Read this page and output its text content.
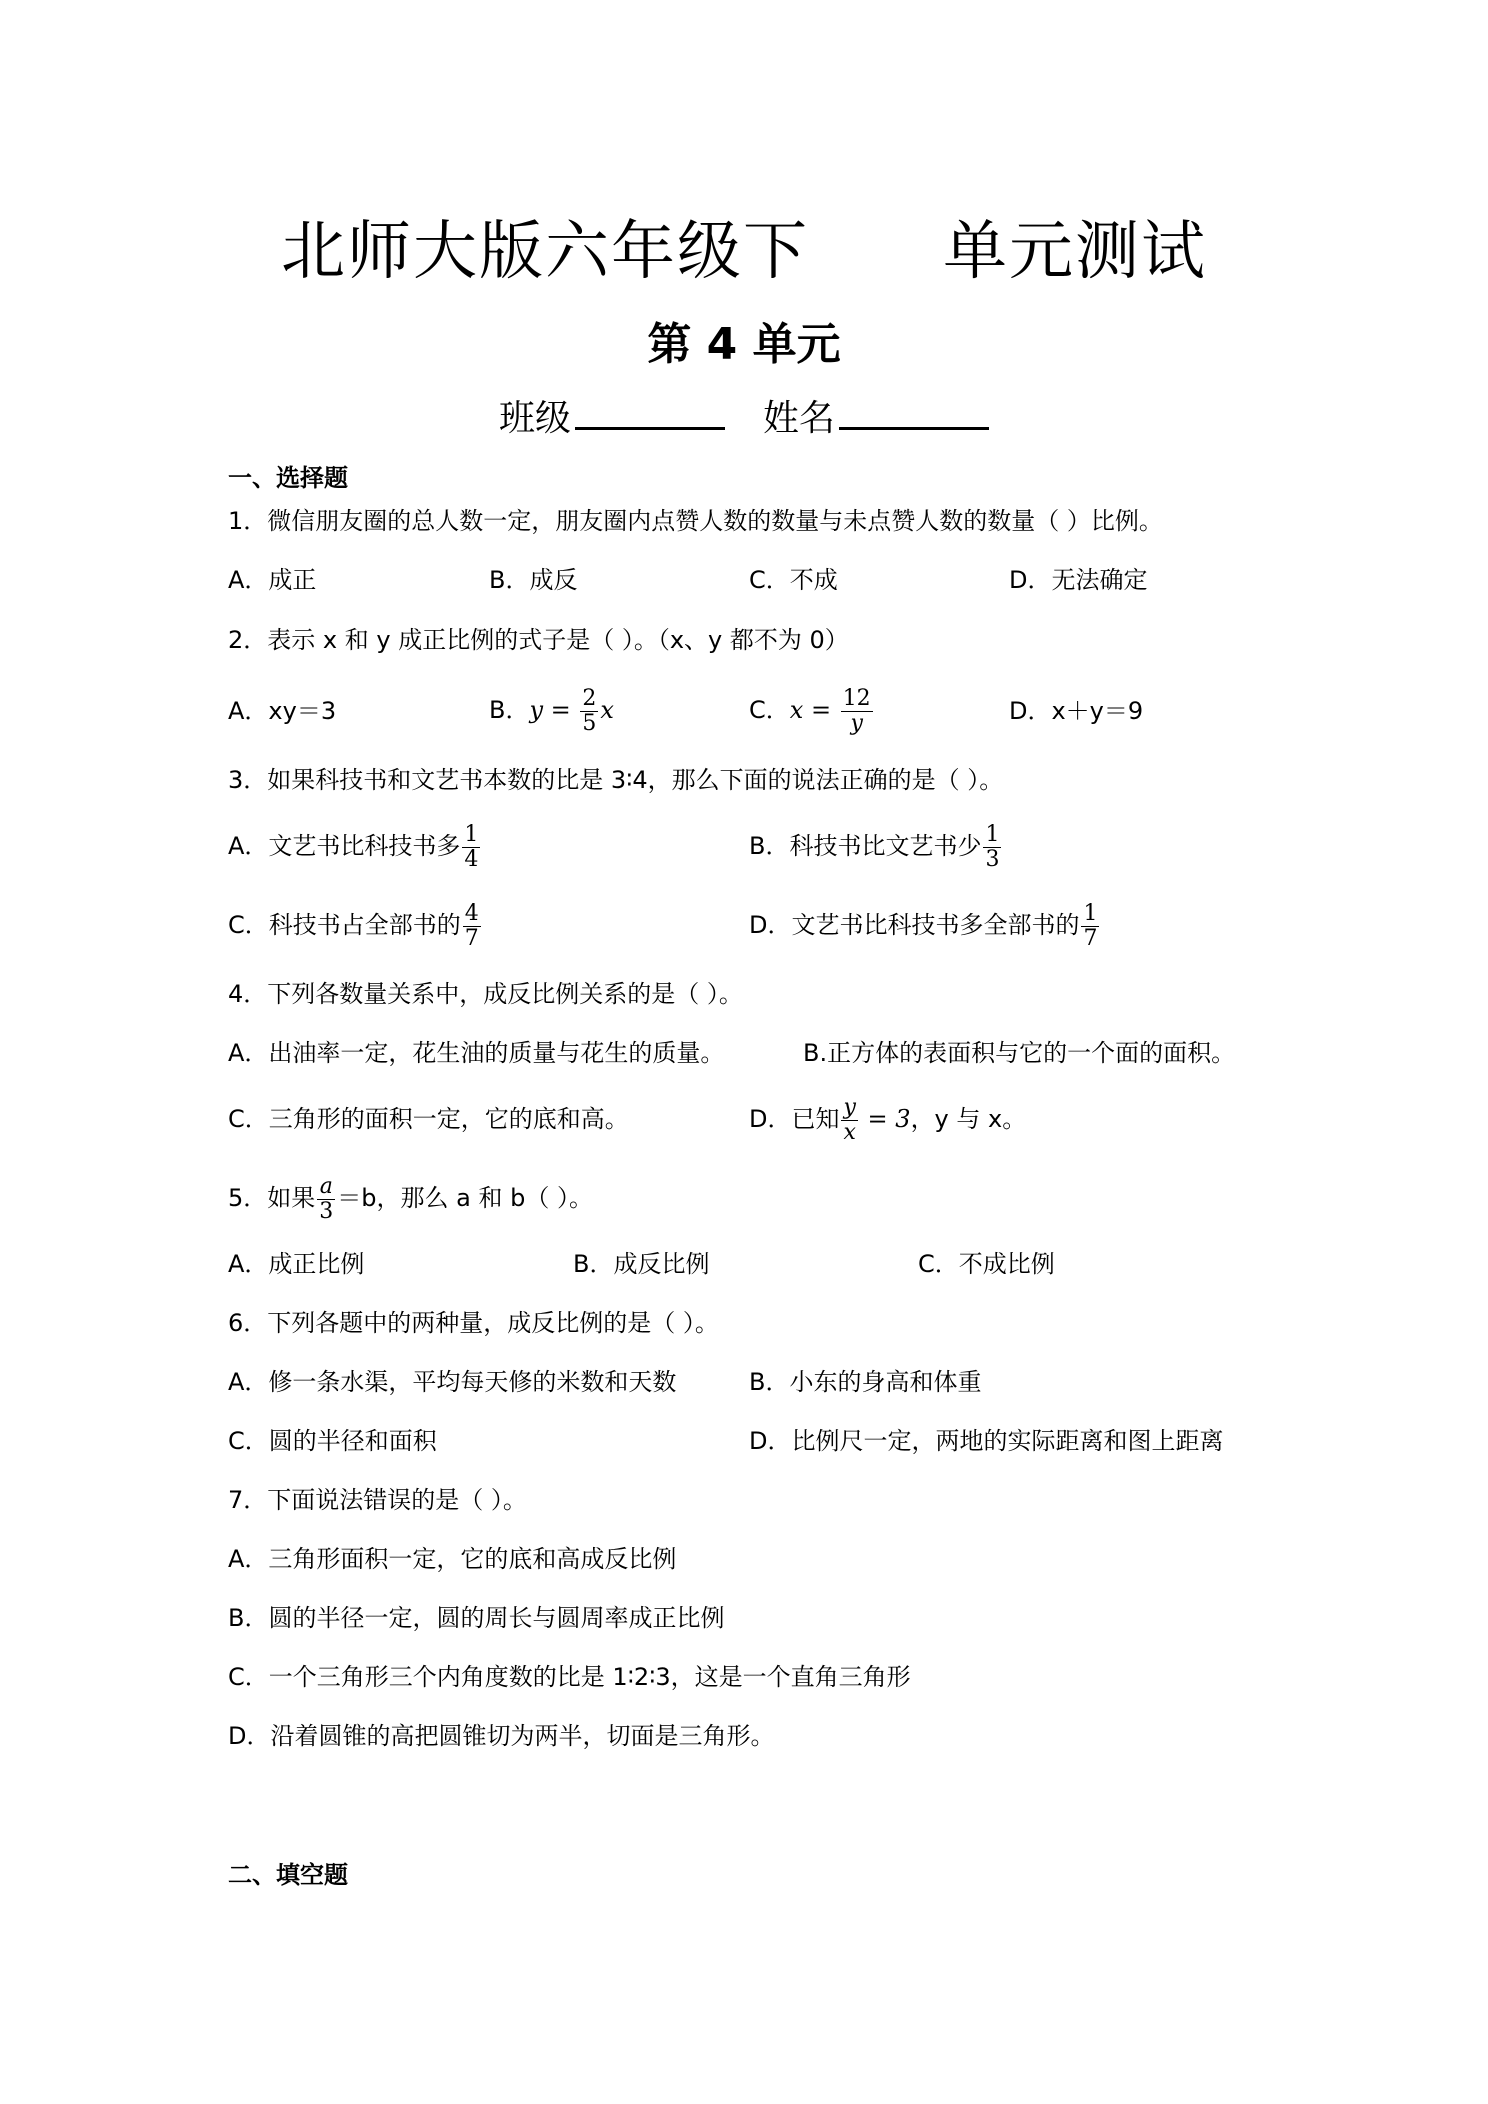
北师大版六年级下      单元测试
第 4 单元
班级	姓名
一、选择题
1．微信朋友圈的总人数一定，朋友圈内点赞人数的数量与未点赞人数的数量（ ）比例。
A．成正	B．成反	C．不成	D．无法确定
2．表示 x 和 y 成正比例的式子是（ ）。（x、y 都不为 0）
A．xy＝3	B．$y = \frac{2}{5}$ x	C．$x = \frac{12}{y}$	D．x＋y＝9
3．如果科技书和文艺书本数的比是 3∶4，那么下面的说法正确的是（ ）。
A．文艺书比科技书多 $\frac{1}{4}$	B．科技书比文艺书少 $\frac{1}{3}$
C．科技书占全部书的 $\frac{4}{7}$	D．文艺书比科技书多全部书的 $\frac{1}{7}$
4．下列各数量关系中，成反比例关系的是（ ）。
A．出油率一定，花生油的质量与花生的质量。	B.正方体的表面积与它的一个面的面积。
C．三角形的面积一定，它的底和高。	D．已知 $\frac{y}{x} = 3$，y 与 x。
5．如果 $\frac{a}{3} =b$，那么 a 和 b（ ）。
A．成正比例	B．成反比例	C．不成比例
6．下列各题中的两种量，成反比例的是（ ）。
A．修一条水渠，平均每天修的米数和天数	B．小东的身高和体重
C．圆的半径和面积	D．比例尺一定，两地的实际距离和图上距离
7．下面说法错误的是（ ）。
A．三角形面积一定，它的底和高成反比例
B．圆的半径一定，圆的周长与圆周率成正比例
C．一个三角形三个内角度数的比是 1∶2∶3，这是一个直角三角形
D．沿着圆锥的高把圆锥切为两半，切面是三角形。
二、填空题
